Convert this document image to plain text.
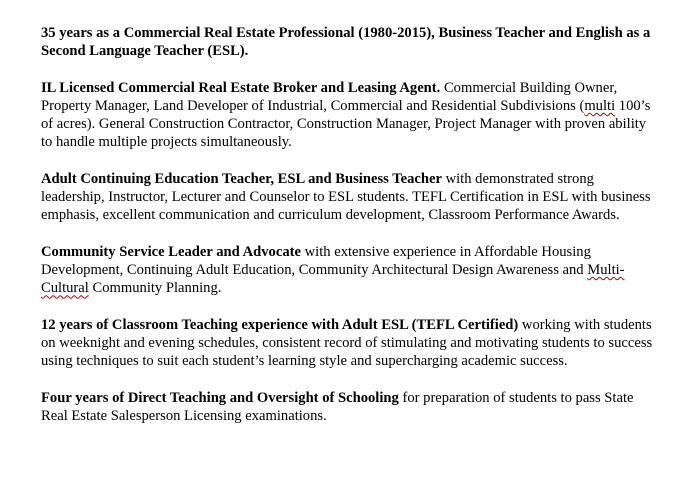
35 years as a Commercial Real Estate Professional (1980-2015), Business Teacher and English as a Second Language Teacher (ESL).

IL Licensed Commercial Real Estate Broker and Leasing Agent. Commercial Building Owner, Property Manager, Land Developer of Industrial, Commercial and Residential Subdivisions (multi 100’s of acres). General Construction Contractor, Construction Manager, Project Manager with proven ability to handle multiple projects simultaneously.

Adult Continuing Education Teacher, ESL and Business Teacher with demonstrated strong leadership, Instructor, Lecturer and Counselor to ESL students. TEFL Certification in ESL with business emphasis, excellent communication and curriculum development, Classroom Performance Awards.

Community Service Leader and Advocate with extensive experience in Affordable Housing Development, Continuing Adult Education, Community Architectural Design Awareness and Multi-Cultural Community Planning.

12 years of Classroom Teaching experience with Adult ESL (TEFL Certified) working with students on weeknight and evening schedules, consistent record of stimulating and motivating students to success using techniques to suit each student’s learning style and supercharging academic success.

Four years of Direct Teaching and Oversight of Schooling for preparation of students to pass State Real Estate Salesperson Licensing examinations.
